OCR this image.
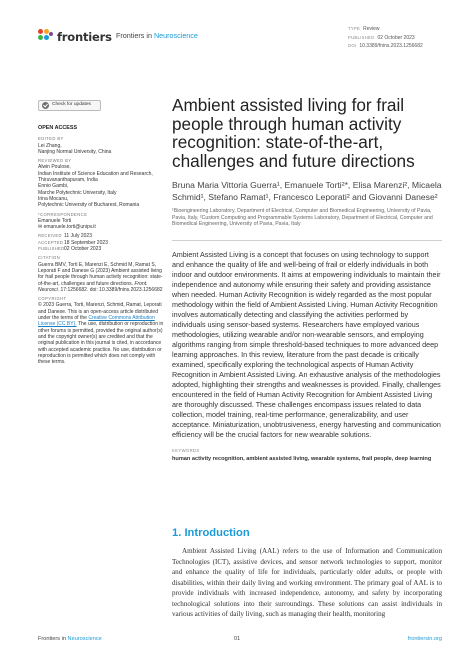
frontiers Frontiers in Neuroscience
TYPE Review
PUBLISHED 02 October 2023
DOI 10.3389/fnins.2023.1256682
Check for updates
OPEN ACCESS
EDITED BY
Lei Zhang,
Nanjing Normal University, China
REVIEWED BY
Alwin Poulose,
Indian Institute of Science Education and Research, Thiruvananthapuram, India
Ennio Gambi,
Marche Polytechnic University, Italy
Irina Mocanu,
Polytechnic University of Bucharest, Romania
*CORRESPONDENCE
Emanuele Torti
✉ emanuele.torti@unipv.it
RECEIVED 11 July 2023
ACCEPTED 18 September 2023
PUBLISHED 02 October 2023
CITATION
Guerra BMV, Torti E, Marenzi E, Schmid M, Ramat S, Leporati F and Danese G (2023) Ambient assisted living for frail people through human activity recognition: state-of-the-art, challenges and future directions. Front. Neurosci. 17:1256682. doi: 10.3389/fnins.2023.1256682
COPYRIGHT
© 2023 Guerra, Torti, Marenzi, Schmid, Ramat, Leporati and Danese. This is an open-access article distributed under the terms of the Creative Commons Attribution License (CC BY). The use, distribution or reproduction in other forums is permitted, provided the original author(s) and the copyright owner(s) are credited and that the original publication in this journal is cited, in accordance with accepted academic practice. No use, distribution or reproduction is permitted which does not comply with these terms.
Ambient assisted living for frail people through human activity recognition: state-of-the-art, challenges and future directions
Bruna Maria Vittoria Guerra¹, Emanuele Torti²*, Elisa Marenzi², Micaela Schmid¹, Stefano Ramat¹, Francesco Leporati² and Giovanni Danese²
¹Bioengineering Laboratory, Department of Electrical, Computer and Biomedical Engineering, University of Pavia, Pavia, Italy, ²Custom Computing and Programmable Systems Laboratory, Department of Electrical, Computer and Biomedical Engineering, University of Pavia, Pavia, Italy
Ambient Assisted Living is a concept that focuses on using technology to support and enhance the quality of life and well-being of frail or elderly individuals in both indoor and outdoor environments. It aims at empowering individuals to maintain their independence and autonomy while ensuring their safety and providing assistance when needed. Human Activity Recognition is widely regarded as the most popular methodology within the field of Ambient Assisted Living. Human Activity Recognition involves automatically detecting and classifying the activities performed by individuals using sensor-based systems. Researchers have employed various methodologies, utilizing wearable and/or non-wearable sensors, and employing algorithms ranging from simple threshold-based techniques to more advanced deep learning approaches. In this review, literature from the past decade is critically examined, specifically exploring the technological aspects of Human Activity Recognition in Ambient Assisted Living. An exhaustive analysis of the methodologies adopted, highlighting their strengths and weaknesses is provided. Finally, challenges encountered in the field of Human Activity Recognition for Ambient Assisted Living are thoroughly discussed. These challenges encompass issues related to data collection, model training, real-time performance, generalizability, and user acceptance. Miniaturization, unobtrusiveness, energy harvesting and communication efficiency will be the crucial factors for new wearable solutions.
KEYWORDS
human activity recognition, ambient assisted living, wearable systems, frail people, deep learning
1. Introduction

Ambient Assisted Living (AAL) refers to the use of Information and Communication Technologies (ICT), assistive devices, and sensor network technologies to support, monitor and enhance the quality of life for individuals, particularly older adults, or people with disabilities, within their daily living and working environment. The primary goal of AAL is to provide individuals with increased independence, autonomy, and safety by incorporating technological solutions into their surroundings. These solutions can assist individuals in various activities of daily living, such as managing their health, monitoring

Frontiers in Neuroscience	01	frontiersin.org
